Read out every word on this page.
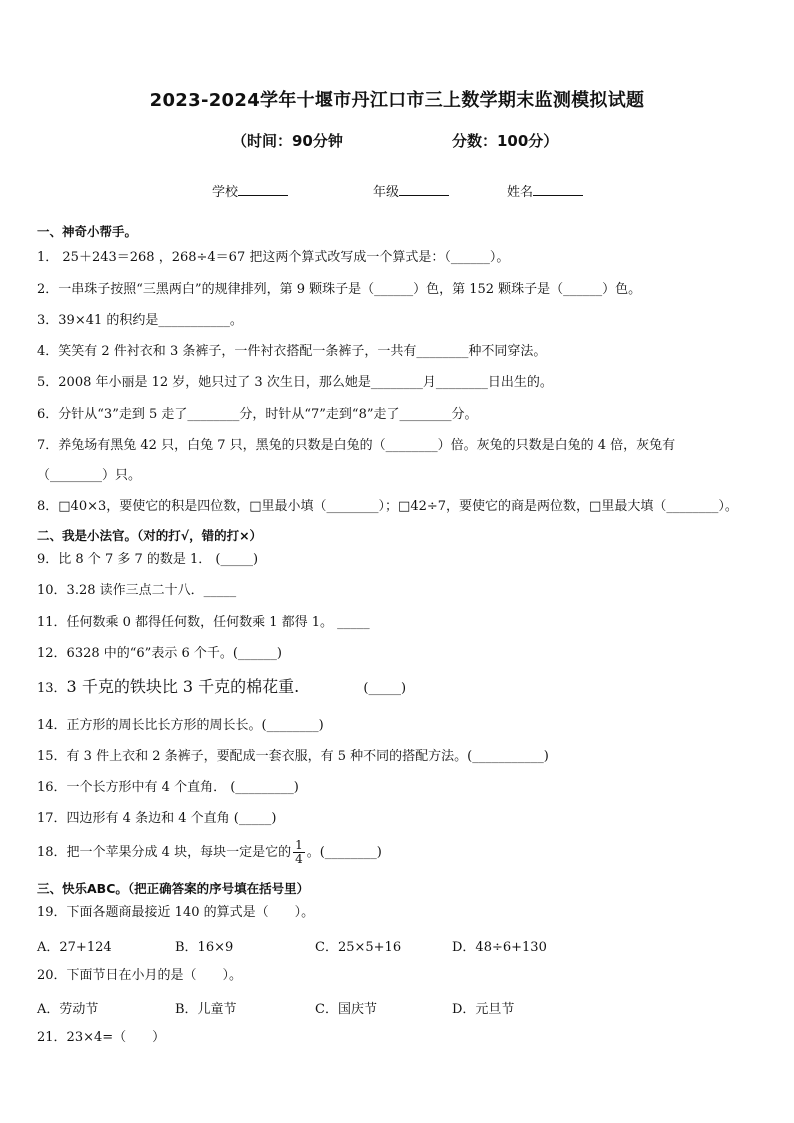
2023-2024学年十堰市丹江口市三上数学期末监测模拟试题
（时间：90分钟	分数：100分）
学校	年级	姓名
一、神奇小帮手。
1． 25＋243＝268 ，268÷4＝67 把这两个算式改写成一个算式是：（______）。
2．一串珠子按照“三黑两白”的规律排列，第 9 颗珠子是（______）色，第 152 颗珠子是（______）色。
3．39×41 的积约是___________。
4．笑笑有 2 件衬衣和 3 条裤子，一件衬衣搭配一条裤子，一共有________种不同穿法。
5．2008 年小丽是 12 岁，她只过了 3 次生日，那么她是________月________日出生的。
6．分针从“3”走到 5 走了________分，时针从“7”走到“8”走了________分。
7．养兔场有黑兔 42 只，白兔 7 只，黑兔的只数是白兔的（________）倍。灰兔的只数是白兔的 4 倍，灰兔有
（________）只。
8．□40×3，要使它的积是四位数，□里最小填（________）；□42÷7，要使它的商是两位数，□里最大填（________）。
二、我是小法官。（对的打√，错的打×）
9．比 8 个 7 多 7 的数是 1． (_____)
10．3.28 读作三点二十八．_____
11．任何数乘 0 都得任何数，任何数乘 1 都得 1。 _____
12．6328 中的“6”表示 6 个千。(______)
13．3 千克的铁块比 3 千克的棉花重.	(_____)
14．正方形的周长比长方形的周长长。(________)
15．有 3 件上衣和 2 条裤子，要配成一套衣服，有 5 种不同的搭配方法。(___________)
16．一个长方形中有 4 个直角． (_________)
17．四边形有 4 条边和 4 个直角 (_____)
18．把一个苹果分成 4 块，每块一定是它的 $\frac{1}{4}$ 。(________)
三、快乐ABC。（把正确答案的序号填在括号里）
19．下面各题商最接近 140 的算式是（　　）。
A．27+124	B．16×9	C．25×5+16	D．48÷6+130
20．下面节日在小月的是（　　）。
A．劳动节	B．儿童节	C．国庆节	D．元旦节
21．23×4=（　　）
